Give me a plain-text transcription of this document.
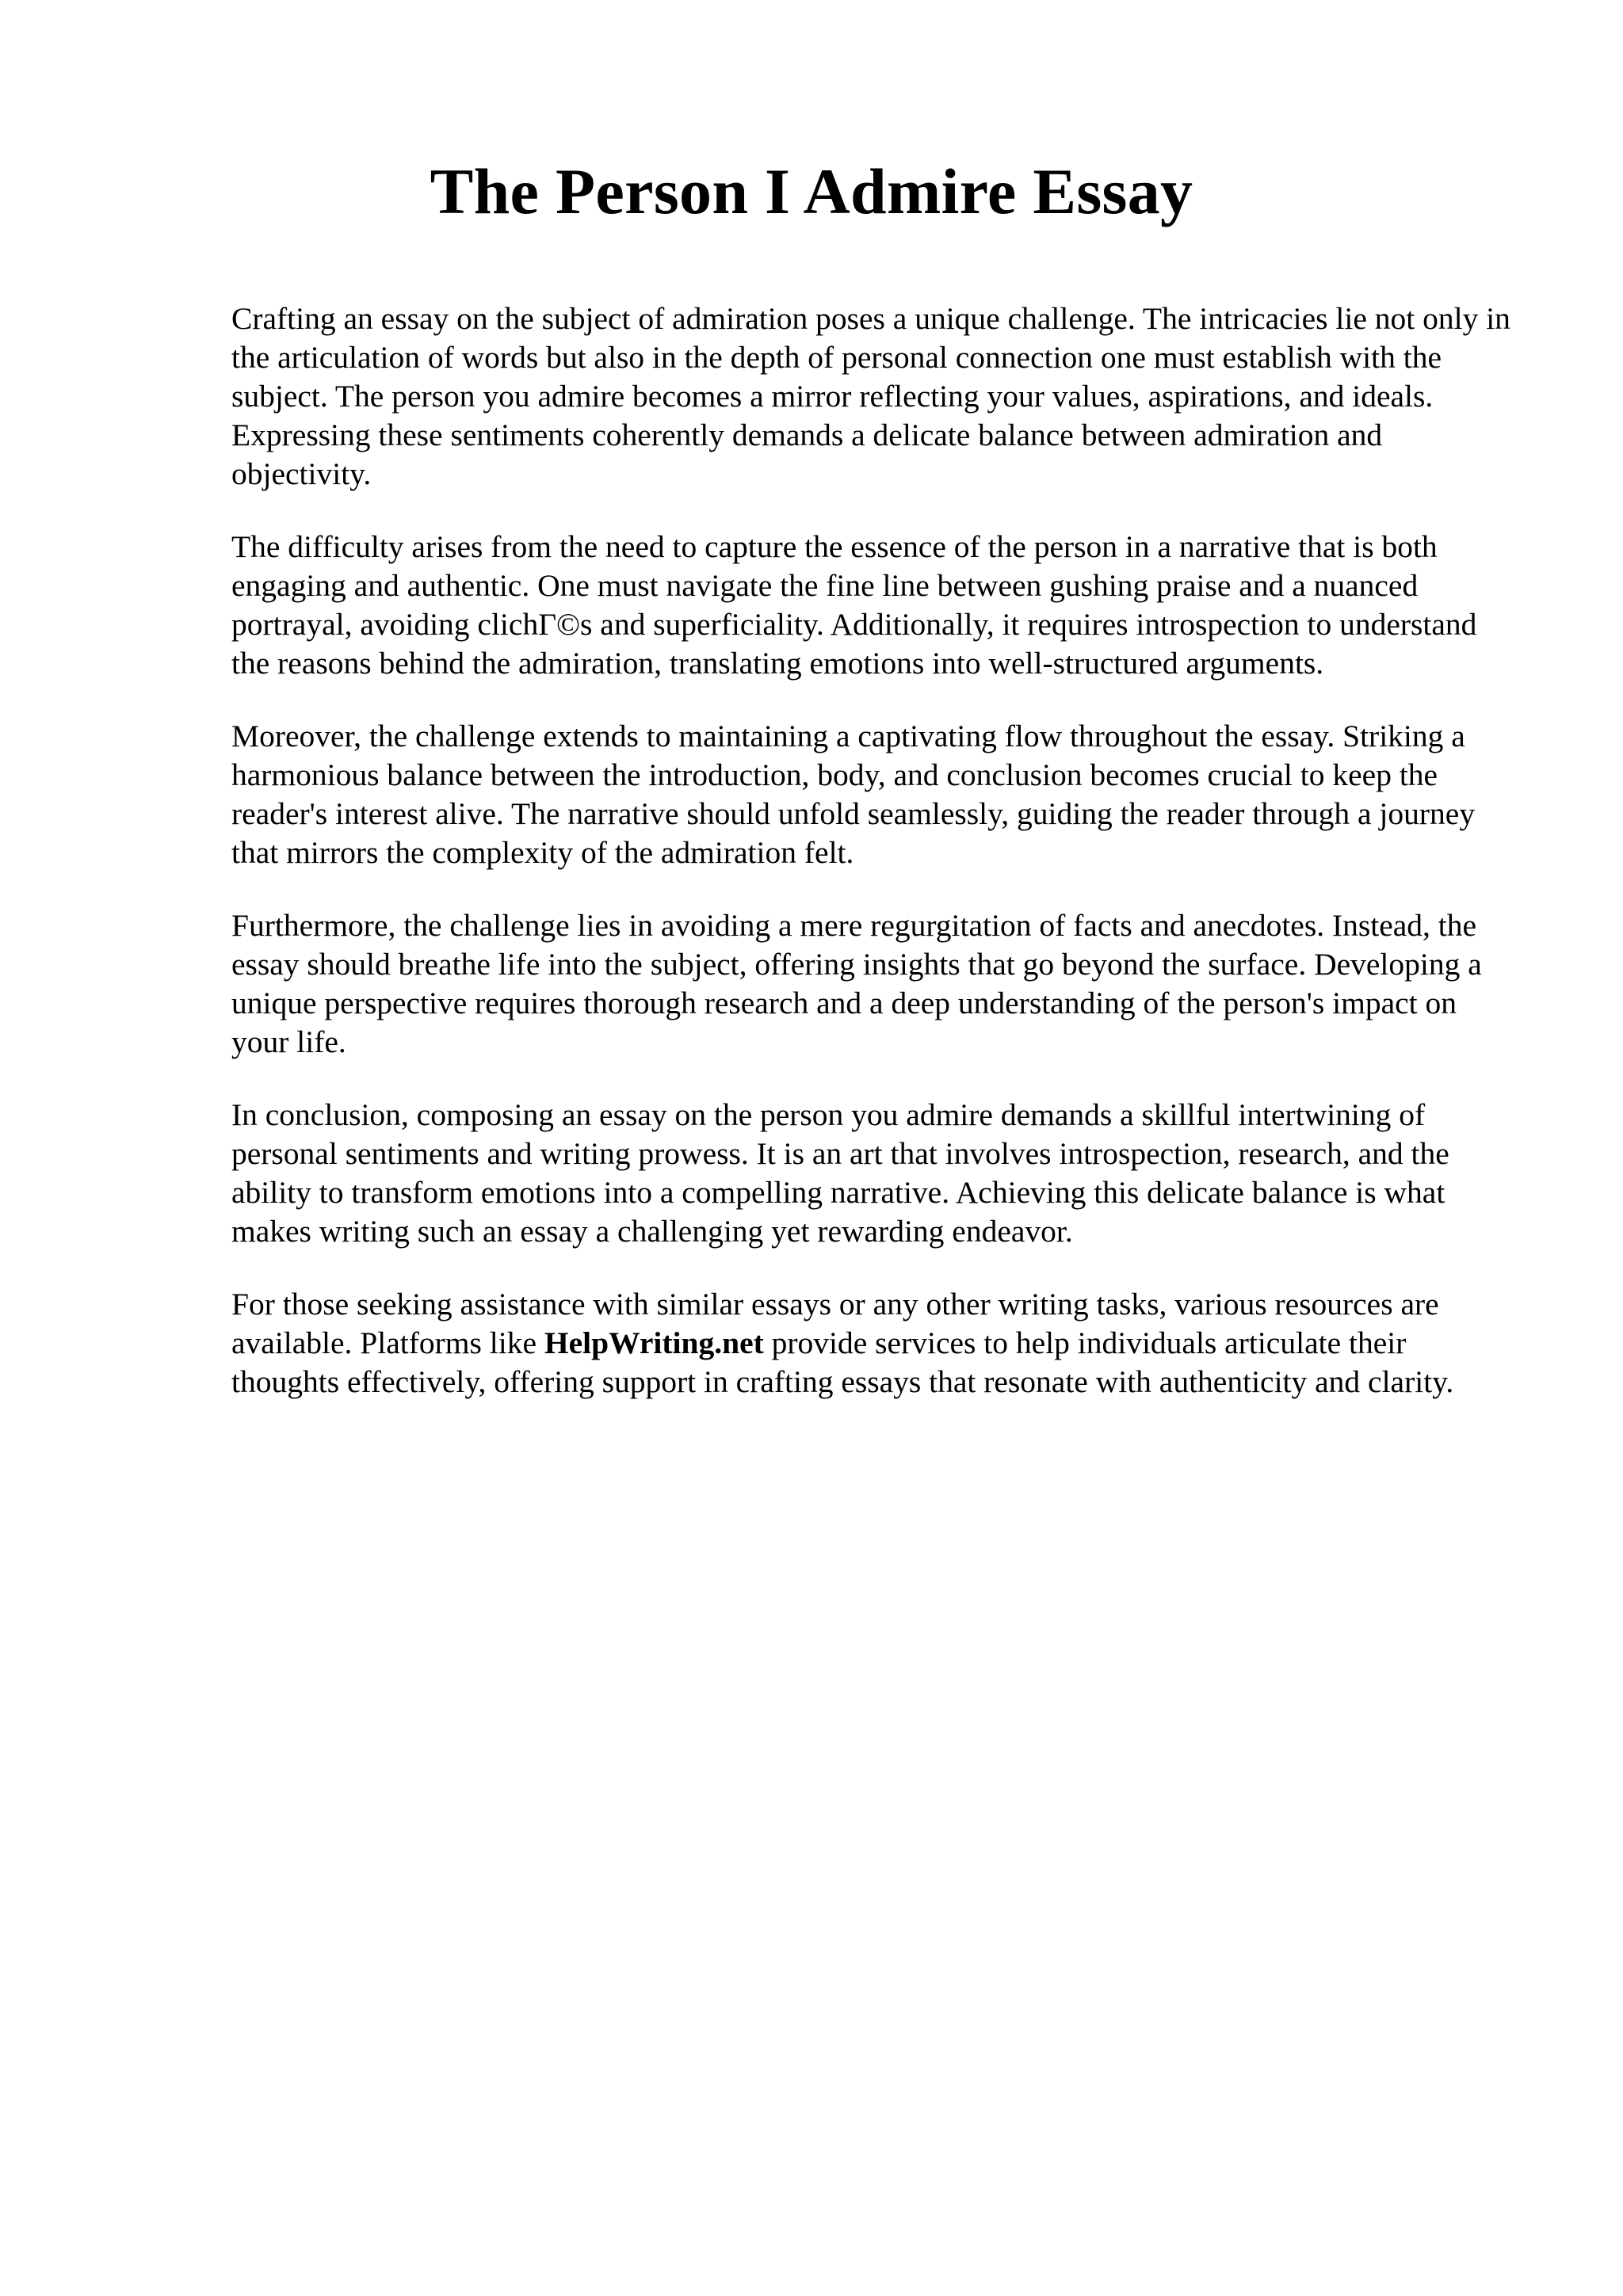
The Person I Admire Essay

Crafting an essay on the subject of admiration poses a unique challenge. The intricacies lie not only in the articulation of words but also in the depth of personal connection one must establish with the subject. The person you admire becomes a mirror reflecting your values, aspirations, and ideals. Expressing these sentiments coherently demands a delicate balance between admiration and objectivity.

The difficulty arises from the need to capture the essence of the person in a narrative that is both engaging and authentic. One must navigate the fine line between gushing praise and a nuanced portrayal, avoiding clichΓ©s and superficiality. Additionally, it requires introspection to understand the reasons behind the admiration, translating emotions into well-structured arguments.

Moreover, the challenge extends to maintaining a captivating flow throughout the essay. Striking a harmonious balance between the introduction, body, and conclusion becomes crucial to keep the reader's interest alive. The narrative should unfold seamlessly, guiding the reader through a journey that mirrors the complexity of the admiration felt.

Furthermore, the challenge lies in avoiding a mere regurgitation of facts and anecdotes. Instead, the essay should breathe life into the subject, offering insights that go beyond the surface. Developing a unique perspective requires thorough research and a deep understanding of the person's impact on your life.

In conclusion, composing an essay on the person you admire demands a skillful intertwining of personal sentiments and writing prowess. It is an art that involves introspection, research, and the ability to transform emotions into a compelling narrative. Achieving this delicate balance is what makes writing such an essay a challenging yet rewarding endeavor.

For those seeking assistance with similar essays or any other writing tasks, various resources are available. Platforms like HelpWriting.net provide services to help individuals articulate their thoughts effectively, offering support in crafting essays that resonate with authenticity and clarity.
